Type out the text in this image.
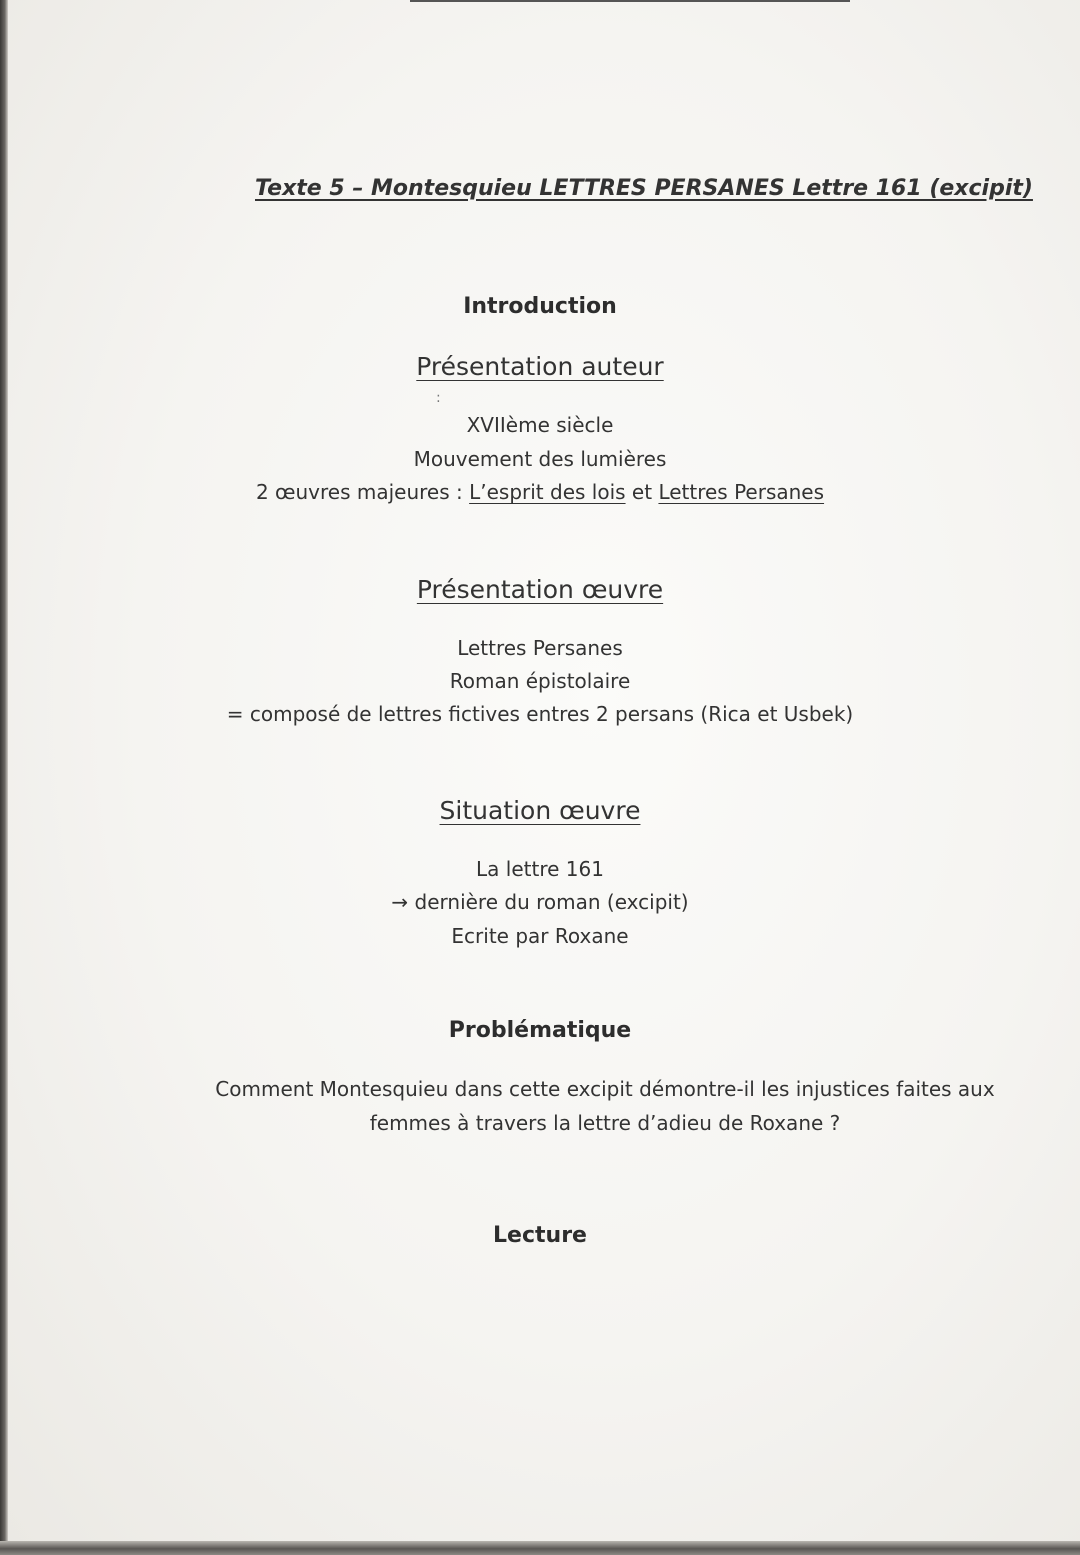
Texte 5 – Montesquieu LETTRES PERSANES Lettre 161 (excipit)
Introduction
Présentation auteur
:
XVIIème siècle
Mouvement des lumières
2 œuvres majeures : L’esprit des lois et Lettres Persanes
Présentation œuvre
Lettres Persanes
Roman épistolaire
= composé de lettres fictives entres 2 persans (Rica et Usbek)
Situation œuvre
La lettre 161
→ dernière du roman (excipit)
Ecrite par Roxane
Problématique
Comment Montesquieu dans cette excipit démontre-il les injustices faites aux femmes à travers la lettre d’adieu de Roxane ?
Lecture
